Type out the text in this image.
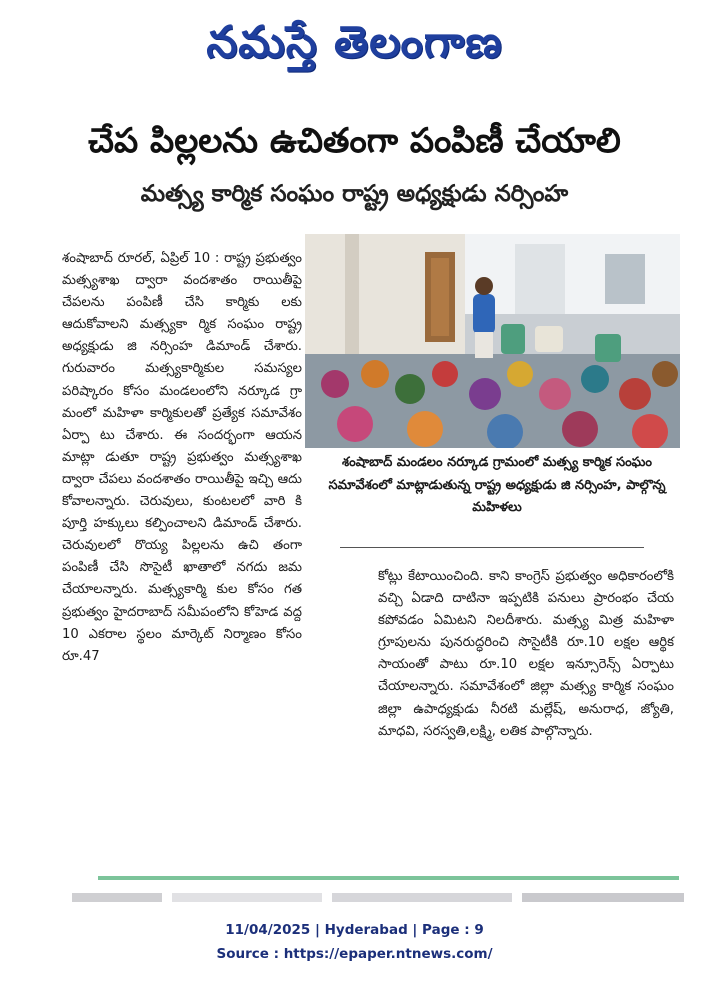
నమస్తే తెలంగాణ
చేప పిల్లలను ఉచితంగా పంపిణీ చేయాలి
మత్స్య కార్మిక సంఘం రాష్ట్ర అధ్యక్షుడు నర్సింహ

శంషాబాద్ రూరల్, ఏప్రిల్ 10 : రాష్ట్ర ప్రభుత్వం మత్స్యశాఖ ద్వారా వందశాతం రాయితీపై చేపలను పంపిణీ చేసి కార్మికు లకు ఆదుకోవాలని మత్స్యకా ర్మిక సంఘం రాష్ట్ర అధ్యక్షుడు జి నర్సింహ డిమాండ్ చేశారు. గురువారం మత్స్యకార్మికుల సమస్యల పరిష్కారం కోసం మండలంలోని నర్కూడ గ్రా మంలో మహిళా కార్మికులతో ప్రత్యేక సమావేశం ఏర్పా టు చేశారు. ఈ సందర్భంగా ఆయన మాట్లా డుతూ రాష్ట్ర ప్రభుత్వం మత్స్యశాఖ ద్వారా చేపలు వందశాతం రాయితీపై ఇచ్చి ఆదు కోవాలన్నారు. చెరువులు, కుంటలలో వారి కి పూర్తి హక్కులు కల్పించాలని డిమాండ్ చేశారు. చెరువులలో రొయ్య పిల్లలను ఉచి తంగా పంపిణీ చేసి సొసైటీ ఖాతాలో నగదు జమ చేయాలన్నారు. మత్స్యకార్మి కుల కోసం గత ప్రభుత్వం హైదరాబాద్ సమీపంలోని కోహెడ వద్ద 10 ఎకరాల స్థలం మార్కెట్ నిర్మాణం కోసం రూ.47

శంషాబాద్ మండలం నర్కూడ గ్రామంలో మత్స్య కార్మిక సంఘం సమావేశంలో మాట్లాడుతున్న రాష్ట్ర అధ్యక్షుడు జి నర్సింహ, పాల్గొన్న మహిళలు

కోట్లు కేటాయించింది. కాని కాంగ్రెస్ ప్రభుత్వం అధికారంలోకి వచ్చి ఏడాది దాటినా ఇప్పటికి పనులు ప్రారంభం చేయ కపోవడం ఏమిటని నిలదీశారు. మత్స్య మిత్ర మహిళా గ్రూపులను పునరుద్ధరించి సొసైటీకి రూ.10 లక్షల ఆర్థిక సాయంతో పాటు రూ.10 లక్షల ఇన్సూరెన్స్ ఏర్పాటు చేయాలన్నారు. సమావేశంలో జిల్లా మత్స్య కార్మిక సంఘం జిల్లా ఉపాధ్యక్షుడు నీరటి మల్లేష్, అనురాధ, జ్యోతి, మాధవి, సరస్వతి,లక్ష్మి, లతిక పాల్గొన్నారు.

11/04/2025 | Hyderabad | Page : 9
Source : https://epaper.ntnews.com/
